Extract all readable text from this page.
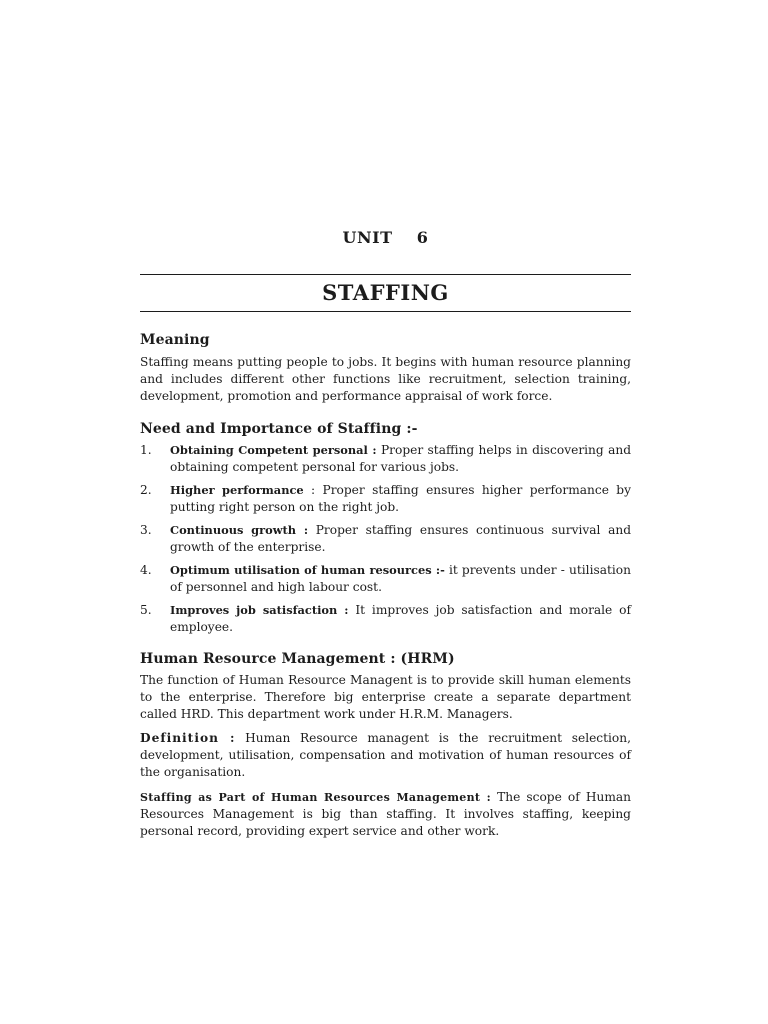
UNIT    6
STAFFING
Meaning

Staffing means putting people to jobs. It begins with human resource planning and includes different other functions like recruitment, selection training, development, promotion and performance appraisal of work force.

Need and Importance of Staffing :-
1. Obtaining Competent personal : Proper staffing helps in discovering and obtaining competent personal for various jobs.
2. Higher performance : Proper staffing ensures higher performance by putting right person on the right job.
3. Continuous growth : Proper staffing ensures continuous survival and growth of the enterprise.
4. Optimum utilisation of human resources :- it prevents under - utilisation of personnel and high labour cost.
5. Improves job satisfaction : It improves job satisfaction and morale of employee.
Human Resource Management : (HRM)

The function of Human Resource Managent is to provide skill human elements to the enterprise. Therefore big enterprise create a separate department called HRD. This department work under H.R.M. Managers.

Definition : Human Resource managent is the recruitment selection, development, utilisation, compensation and motivation of human resources of the organisation.

Staffing as Part of Human Resources Management : The scope of Human Resources Management is big than staffing. It involves staffing, keeping personal record, providing expert service and other work.
